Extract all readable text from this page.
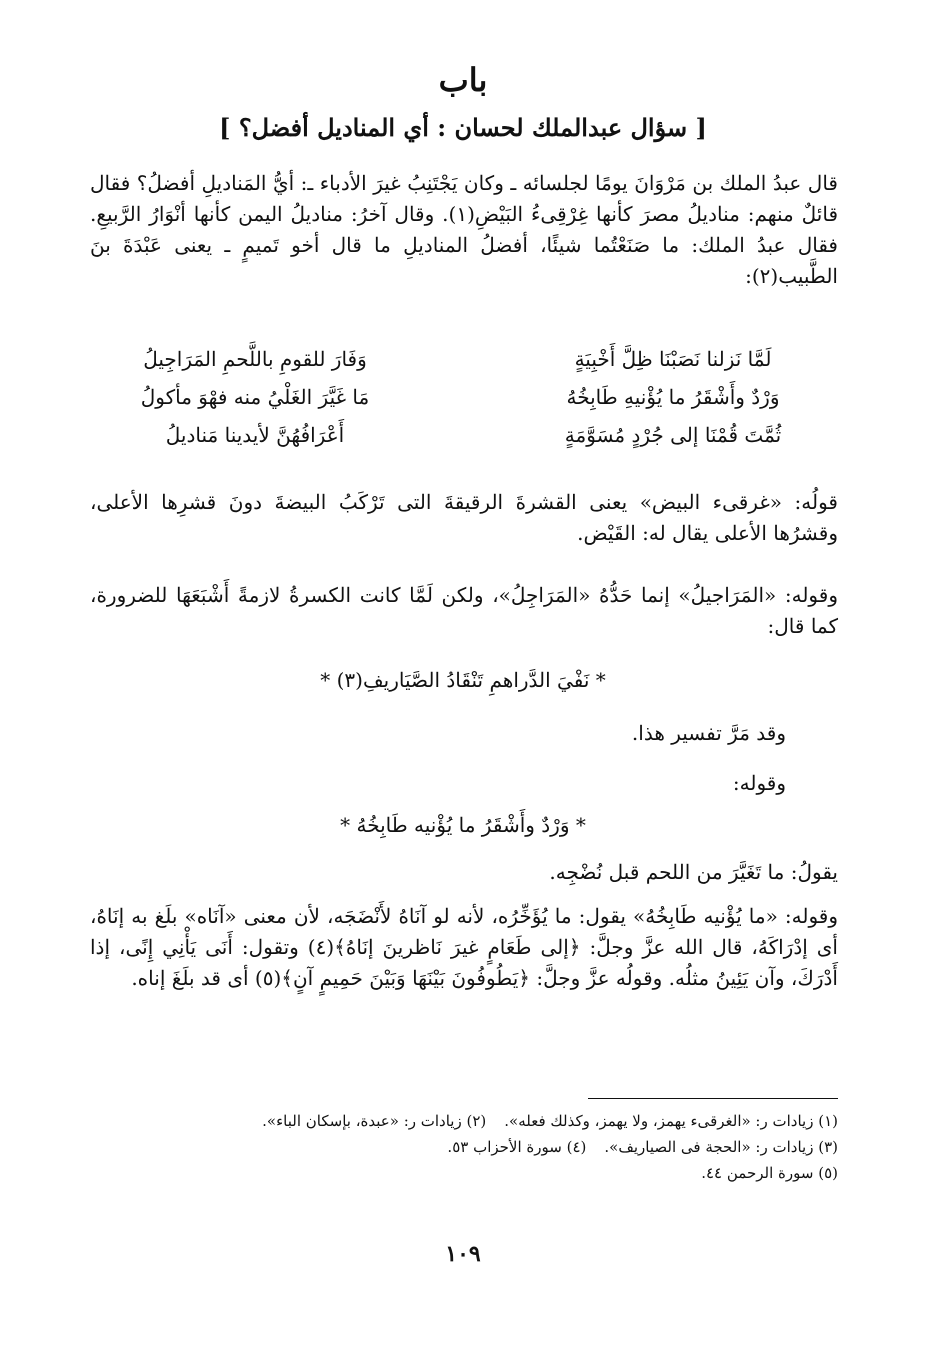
باب
[ سؤال عبدالملك لحسان : أي المناديل أفضل؟ ]

قال عبدُ الملك بن مَرْوَانَ يومًا لجلسائه ـ وكان يَجْتَنِبُ غيرَ الأدباء ـ: أيُّ المَناديلِ أفضلُ؟ فقال قائلٌ منهم: مناديلُ مصرَ كأنها غِرْقِىءُ البَيْضِ(١). وقال آخرُ: مناديلُ اليمن كأنها أنْوَارُ الرَّبيعِ. فقال عبدُ الملك: ما صَنَعْتُما شيئًا، أفضلُ المناديلِ ما قال أخو تَميمٍ ـ يعنى عَبْدَةَ بنَ الطَّبيب(٢):

لَمَّا نَزلنا نَصَبْنَا ظِلَّ أَخْبِيَةٍ
وَفَارَ للقومِ باللَّحمِ المَرَاجِيلُ
وَرْدٌ وأَشْقَرُ ما يُؤْنيهِ طَابِخُهُ
مَا غَيَّرَ الغَلْيُ منه فهْوَ مأكولُ
ثُمَّتَ قُمْنَا إلى جُرْدٍ مُسَوَّمَةٍ
أَعْرَافُهُنَّ لأيدينا مَناديلُ

قولُه: «غرقىء البيض» يعنى القشرةَ الرقيقةَ التى تَرْكَبُ البيضةَ دونَ قشرِها الأعلى، وقشرُها الأعلى يقال له: القَيْض.

وقوله: «المَرَاجيلُ» إنما حَدُّهُ «المَرَاجِلُ»، ولكن لَمَّا كانت الكسرةُ لازمةً أَشْبَعَهَا للضرورة، كما قال:

* نَفْيَ الدَّراهمِ تَنْقَادُ الصَّيَاريفِ(٣) *

وقد مَرَّ تفسير هذا.

وقوله:

* وَرْدٌ وأَشْقَرُ ما يُؤْنيه طَابِخُهُ *

يقولُ: ما تَغَيَّرَ من اللحم قبل نُضْجِه.

وقوله: «ما يُؤْنيه طَابِخُهُ» يقول: ما يُؤَخِّرُه، لأنه لو آنَاهُ لأَنْضَجَه، لأن معنى «آنَاه» بلَغ به إنَاهُ، أى إدْرَاكَهُ، قال الله عزَّ وجلَّ: ﴿إلى طَعَامٍ غيرَ نَاظرينَ إنَاهُ﴾(٤) وتقول: أَنَى يَأْنِي إِنًى، إذا أَدْرَكَ، وآن يَئِينُ مثلُه. وقولُه عزَّ وجلَّ: ﴿يَطُوفُونَ بَيْنَهَا وَبَيْنَ حَمِيمٍ آنٍ﴾(٥) أى قد بلَغَ إناه.

(١) زيادات ر: «الغرقىء يهمز، ولا يهمز، وكذلك فعله».
(٢) زيادات ر: «عبدة، بإسكان الباء».
(٣) زيادات ر: «الحجة فى الصياريف».
(٤) سورة الأحزاب ٥٣.
(٥) سورة الرحمن ٤٤.
١٠٩
